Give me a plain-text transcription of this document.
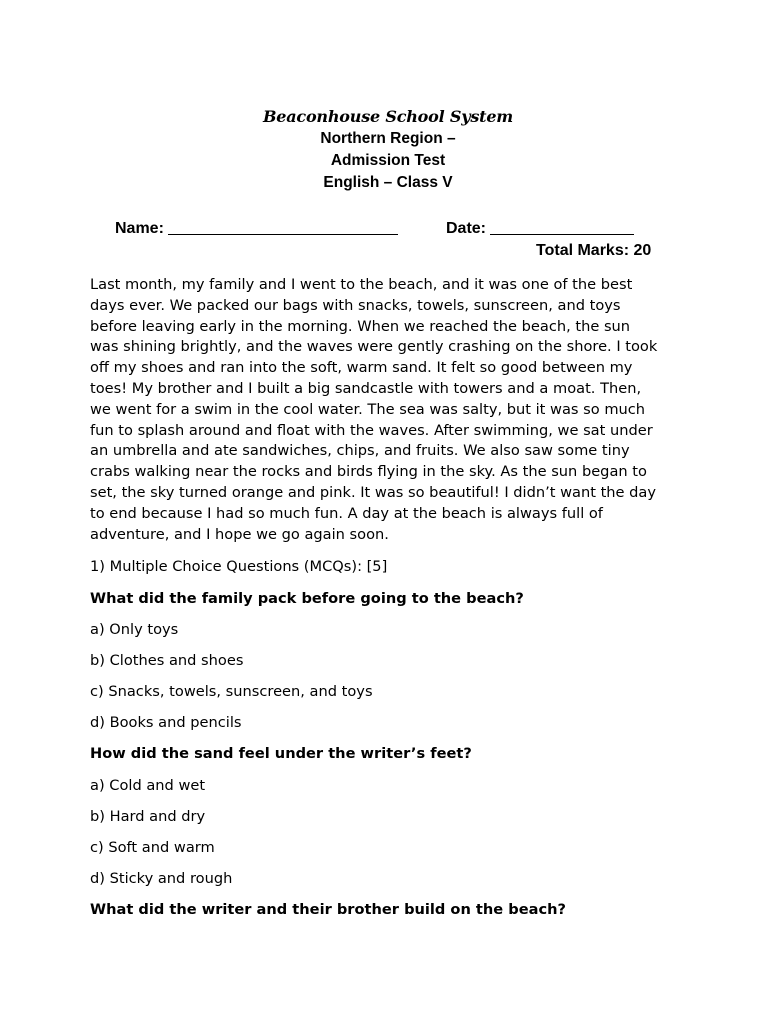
Beaconhouse School System
Northern Region –
Admission Test
English – Class V
Name:	Date:
Total Marks: 20
Last month, my family and I went to the beach, and it was one of the best
days ever. We packed our bags with snacks, towels, sunscreen, and toys
before leaving early in the morning. When we reached the beach, the sun
was shining brightly, and the waves were gently crashing on the shore. I took
off my shoes and ran into the soft, warm sand. It felt so good between my
toes! My brother and I built a big sandcastle with towers and a moat. Then,
we went for a swim in the cool water. The sea was salty, but it was so much
fun to splash around and float with the waves. After swimming, we sat under
an umbrella and ate sandwiches, chips, and fruits. We also saw some tiny
crabs walking near the rocks and birds flying in the sky. As the sun began to
set, the sky turned orange and pink. It was so beautiful! I didn’t want the day
to end because I had so much fun. A day at the beach is always full of
adventure, and I hope we go again soon.

1) Multiple Choice Questions (MCQs): [5]

What did the family pack before going to the beach?

a) Only toys

b) Clothes and shoes

c) Snacks, towels, sunscreen, and toys

d) Books and pencils

How did the sand feel under the writer’s feet?

a) Cold and wet

b) Hard and dry

c) Soft and warm

d) Sticky and rough

What did the writer and their brother build on the beach?
